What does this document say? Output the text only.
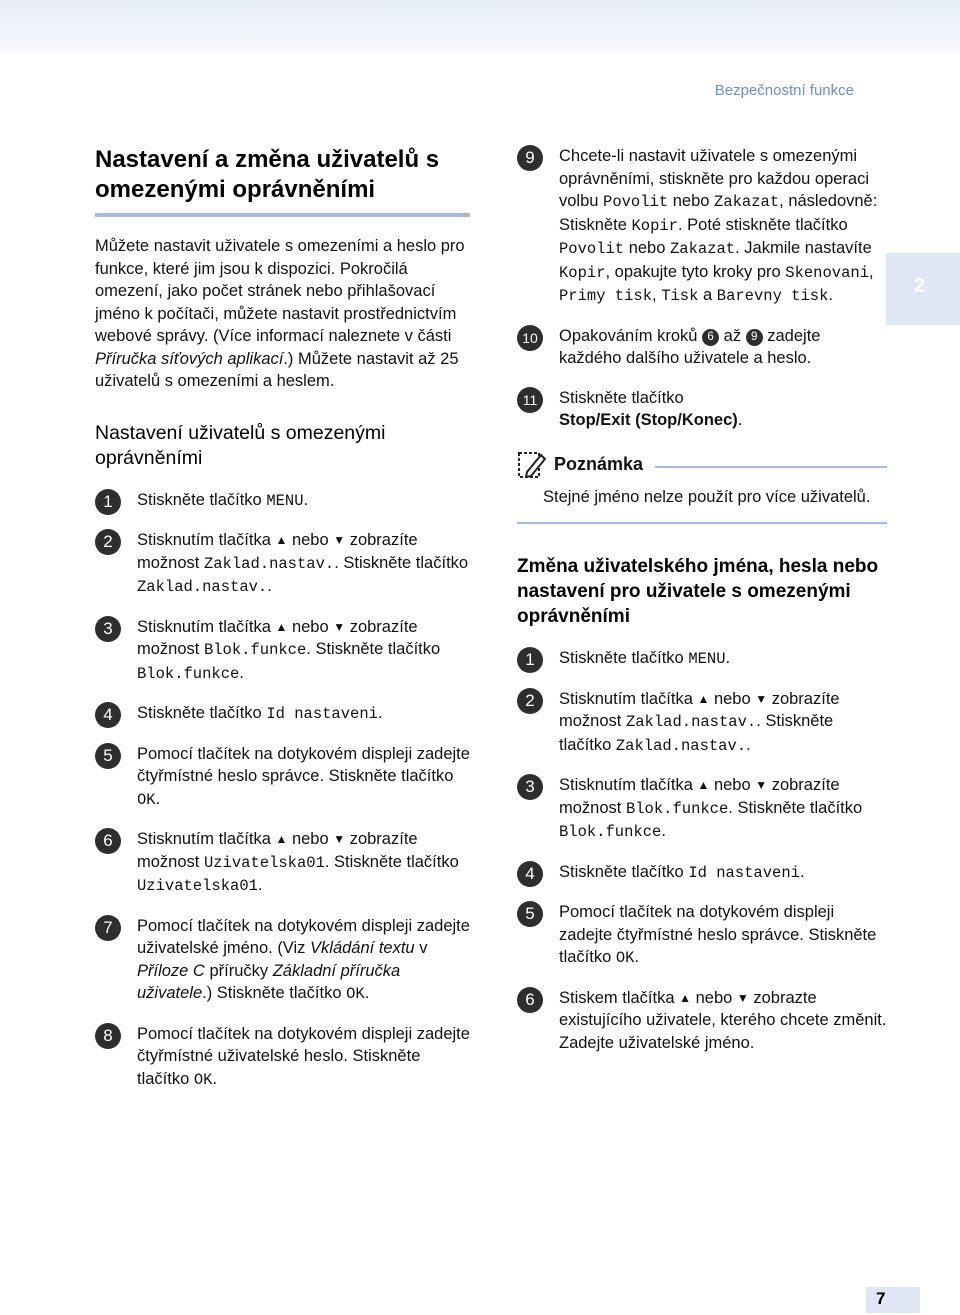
Bezpečnostní funkce
2
Nastavení a změna uživatelů s omezenými oprávněními

Můžete nastavit uživatele s omezeními a heslo pro funkce, které jim jsou k dispozici. Pokročilá omezení, jako počet stránek nebo přihlašovací jméno k počítači, můžete nastavit prostřednictvím webové správy. (Více informací naleznete v části Příručka síťových aplikací.) Můžete nastavit až 25 uživatelů s omezeními a heslem.

Nastavení uživatelů s omezenými oprávněními
1	Stiskněte tlačítko MENU.
2	Stisknutím tlačítka ▲ nebo ▼ zobrazíte možnost Zaklad.nastav.. Stiskněte tlačítko Zaklad.nastav..
3	Stisknutím tlačítka ▲ nebo ▼ zobrazíte možnost Blok.funkce. Stiskněte tlačítko Blok.funkce.
4	Stiskněte tlačítko Id nastaveni.
5	Pomocí tlačítek na dotykovém displeji zadejte čtyřmístné heslo správce. Stiskněte tlačítko OK.
6	Stisknutím tlačítka ▲ nebo ▼ zobrazíte možnost Uzivatelska01. Stiskněte tlačítko Uzivatelska01.
7	Pomocí tlačítek na dotykovém displeji zadejte uživatelské jméno. (Viz Vkládání textu v Příloze C příručky Základní příručka uživatele.) Stiskněte tlačítko OK.
8	Pomocí tlačítek na dotykovém displeji zadejte čtyřmístné uživatelské heslo. Stiskněte tlačítko OK.
9	Chcete-li nastavit uživatele s omezenými oprávněními, stiskněte pro každou operaci volbu Povolit nebo Zakazat, následovně: Stiskněte Kopir. Poté stiskněte tlačítko Povolit nebo Zakazat. Jakmile nastavíte Kopir, opakujte tyto kroky pro Skenovani, Primy tisk, Tisk a Barevny tisk.
10	Opakováním kroků 6 až 9 zadejte každého dalšího uživatele a heslo.
11	Stiskněte tlačítko
Stop/Exit (Stop/Konec).
Poznámka
Stejné jméno nelze použít pro více uživatelů.
Změna uživatelského jména, hesla nebo nastavení pro uživatele s omezenými oprávněními
1	Stiskněte tlačítko MENU.
2	Stisknutím tlačítka ▲ nebo ▼ zobrazíte možnost Zaklad.nastav.. Stiskněte tlačítko Zaklad.nastav..
3	Stisknutím tlačítka ▲ nebo ▼ zobrazíte možnost Blok.funkce. Stiskněte tlačítko Blok.funkce.
4	Stiskněte tlačítko Id nastaveni.
5	Pomocí tlačítek na dotykovém displeji zadejte čtyřmístné heslo správce. Stiskněte tlačítko OK.
6	Stiskem tlačítka ▲ nebo ▼ zobrazte existujícího uživatele, kterého chcete změnit. Zadejte uživatelské jméno.
7
